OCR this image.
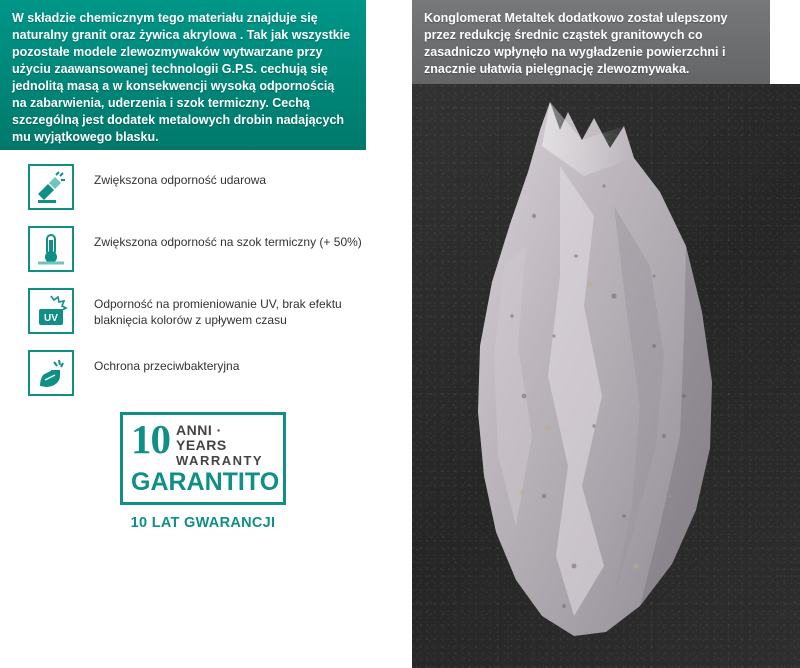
W składzie chemicznym tego materiału znajduje się naturalny granit oraz żywica akrylowa . Tak jak wszystkie pozostałe modele zlewozmywaków wytwarzane przy użyciu zaawansowanej technologii G.P.S. cechują się jednolitą masą a w konsekwencji wysoką odpornością na zabarwienia, uderzenia i szok termiczny. Cechą szczególną jest dodatek metalowych drobin nadających mu wyjątkowego blasku.
Zwiększona odporność udarowa
Zwiększona odporność na szok termiczny (+ 50%)
UV
Odporność na promieniowanie UV, brak efektu blaknięcia kolorów z upływem czasu
Ochrona przeciwbakteryjna
10 ANNI · YEARS
WARRANTY
GARANTITO
10 LAT GWARANCJI
Konglomerat Metaltek dodatkowo został ulepszony przez redukcję średnic cząstek granitowych co zasadniczo wpłynęło na wygładzenie powierzchni i znacznie ułatwia pielęgnację zlewozmywaka.
